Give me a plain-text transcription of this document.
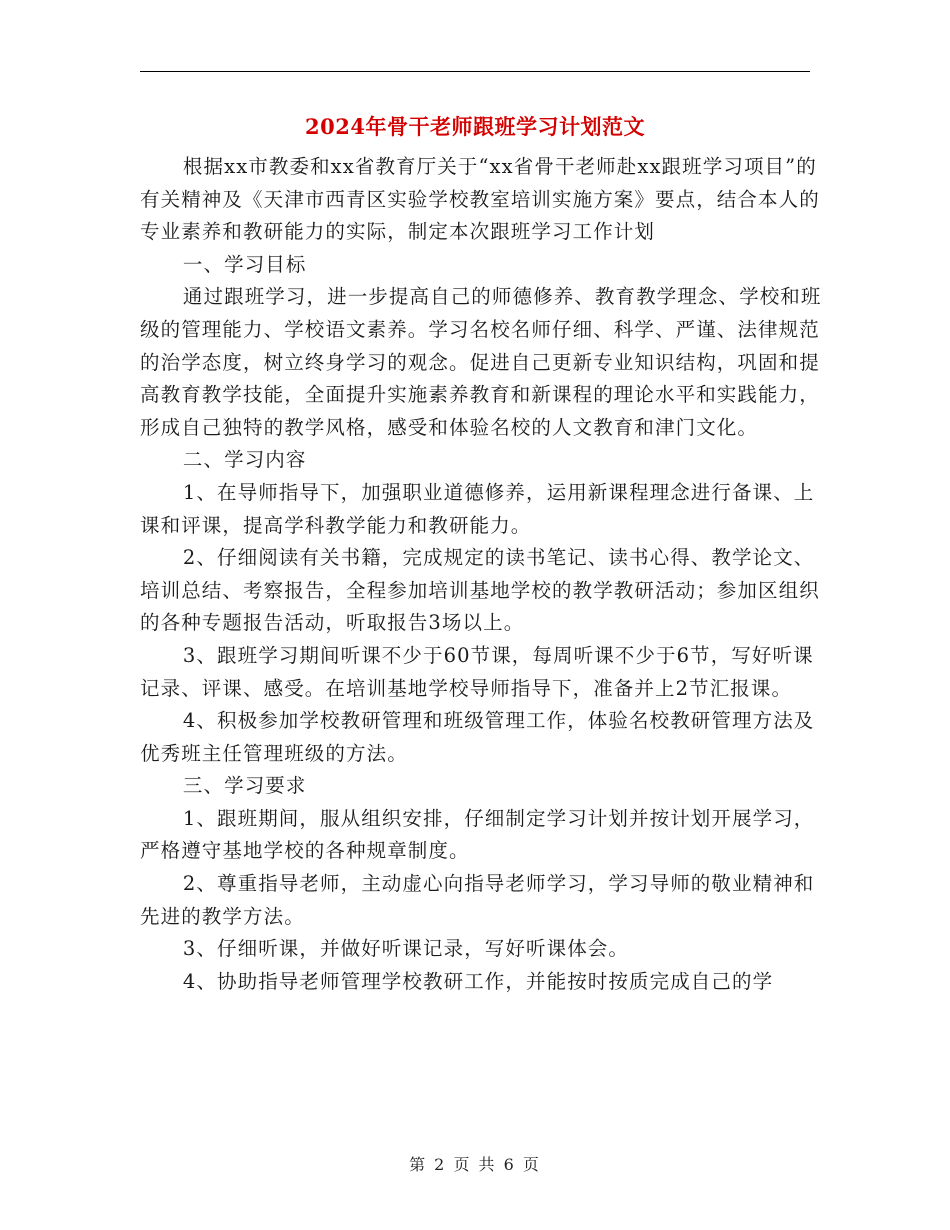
2024年骨干老师跟班学习计划范文

根据xx市教委和xx省教育厅关于“xx省骨干老师赴xx跟班学习项目”的有关精神及《天津市西青区实验学校教室培训实施方案》要点，结合本人的专业素养和教研能力的实际，制定本次跟班学习工作计划

一、学习目标

通过跟班学习，进一步提高自己的师德修养、教育教学理念、学校和班级的管理能力、学校语文素养。学习名校名师仔细、科学、严谨、法律规范的治学态度，树立终身学习的观念。促进自己更新专业知识结构，巩固和提高教育教学技能，全面提升实施素养教育和新课程的理论水平和实践能力，形成自己独特的教学风格，感受和体验名校的人文教育和津门文化。

二、学习内容

1、在导师指导下，加强职业道德修养，运用新课程理念进行备课、上课和评课，提高学科教学能力和教研能力。

2、仔细阅读有关书籍，完成规定的读书笔记、读书心得、教学论文、培训总结、考察报告，全程参加培训基地学校的教学教研活动；参加区组织的各种专题报告活动，听取报告3场以上。

3、跟班学习期间听课不少于60节课，每周听课不少于6节，写好听课记录、评课、感受。在培训基地学校导师指导下，准备并上2节汇报课。

4、积极参加学校教研管理和班级管理工作，体验名校教研管理方法及优秀班主任管理班级的方法。

三、学习要求

1、跟班期间，服从组织安排，仔细制定学习计划并按计划开展学习，严格遵守基地学校的各种规章制度。

2、尊重指导老师，主动虚心向指导老师学习，学习导师的敬业精神和先进的教学方法。

3、仔细听课，并做好听课记录，写好听课体会。

4、协助指导老师管理学校教研工作，并能按时按质完成自己的学

第 2 页 共 6 页
